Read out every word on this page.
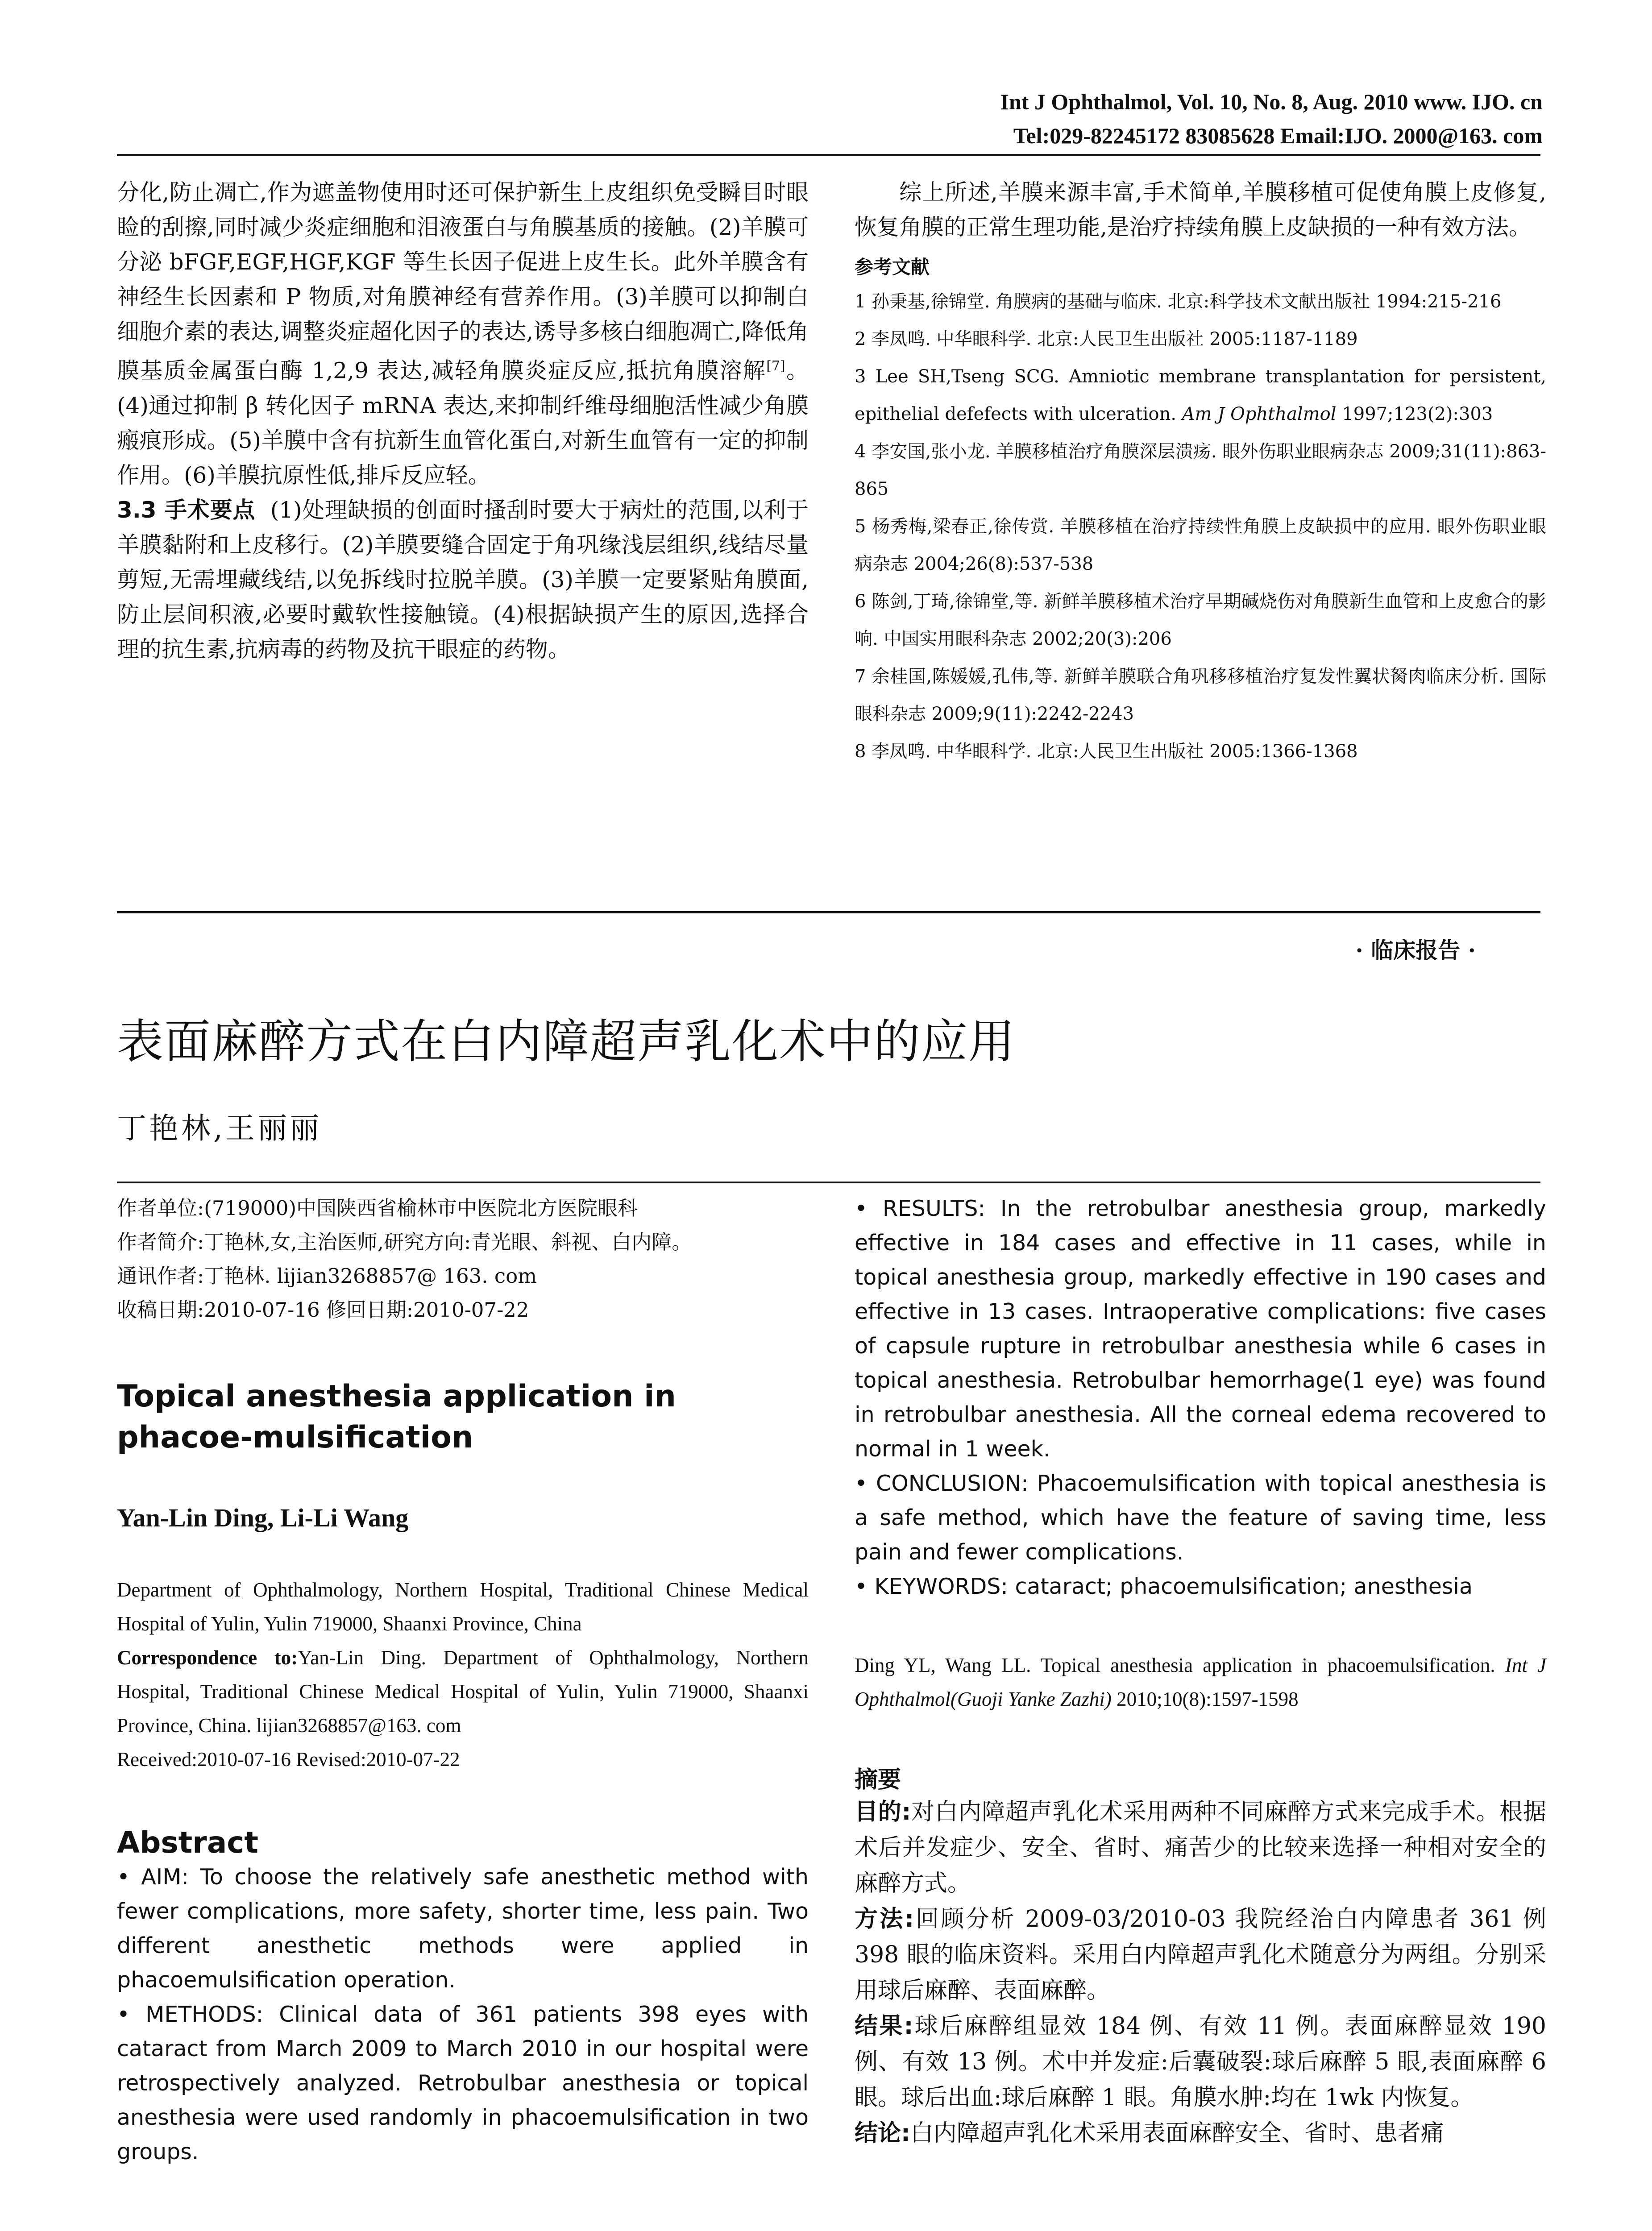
Int J Ophthalmol, Vol. 10, No. 8, Aug. 2010 www. IJO. cn
Tel:029-82245172 83085628 Email:IJO. 2000@163. com

分化,防止凋亡,作为遮盖物使用时还可保护新生上皮组织免受瞬目时眼睑的刮擦,同时减少炎症细胞和泪液蛋白与角膜基质的接触。(2)羊膜可分泌 bFGF,EGF,HGF,KGF 等生长因子促进上皮生长。此外羊膜含有神经生长因素和 P 物质,对角膜神经有营养作用。(3)羊膜可以抑制白细胞介素的表达,调整炎症超化因子的表达,诱导多核白细胞凋亡,降低角膜基质金属蛋白酶 1,2,9 表达,减轻角膜炎症反应,抵抗角膜溶解[7]。(4)通过抑制 β 转化因子 mRNA 表达,来抑制纤维母细胞活性减少角膜瘢痕形成。(5)羊膜中含有抗新生血管化蛋白,对新生血管有一定的抑制作用。(6)羊膜抗原性低,排斥反应轻。

3.3 手术要点 (1)处理缺损的创面时搔刮时要大于病灶的范围,以利于羊膜黏附和上皮移行。(2)羊膜要缝合固定于角巩缘浅层组织,线结尽量剪短,无需埋藏线结,以免拆线时拉脱羊膜。(3)羊膜一定要紧贴角膜面,防止层间积液,必要时戴软性接触镜。(4)根据缺损产生的原因,选择合理的抗生素,抗病毒的药物及抗干眼症的药物。

综上所述,羊膜来源丰富,手术简单,羊膜移植可促使角膜上皮修复,恢复角膜的正常生理功能,是治疗持续角膜上皮缺损的一种有效方法。

参考文献
1 孙秉基,徐锦堂. 角膜病的基础与临床. 北京:科学技术文献出版社 1994:215-216
2 李凤鸣. 中华眼科学. 北京:人民卫生出版社 2005:1187-1189
3 Lee SH,Tseng SCG. Amniotic membrane transplantation for persistent, epithelial defefects with ulceration. Am J Ophthalmol 1997;123(2):303
4 李安国,张小龙. 羊膜移植治疗角膜深层溃疡. 眼外伤职业眼病杂志 2009;31(11):863-865
5 杨秀梅,梁春正,徐传赏. 羊膜移植在治疗持续性角膜上皮缺损中的应用. 眼外伤职业眼病杂志 2004;26(8):537-538
6 陈剑,丁琦,徐锦堂,等. 新鲜羊膜移植术治疗早期碱烧伤对角膜新生血管和上皮愈合的影响. 中国实用眼科杂志 2002;20(3):206
7 余桂国,陈媛媛,孔伟,等. 新鲜羊膜联合角巩移移植治疗复发性翼状胬肉临床分析. 国际眼科杂志 2009;9(11):2242-2243
8 李凤鸣. 中华眼科学. 北京:人民卫生出版社 2005:1366-1368
· 临床报告 ·
表面麻醉方式在白内障超声乳化术中的应用
丁艳林,王丽丽

作者单位:(719000)中国陕西省榆林市中医院北方医院眼科

作者简介:丁艳林,女,主治医师,研究方向:青光眼、斜视、白内障。

通讯作者:丁艳林. lijian3268857@ 163. com

收稿日期:2010-07-16 修回日期:2010-07-22

Topical anesthesia application in phacoe-mulsification
Yan-Lin Ding, Li-Li Wang

Department of Ophthalmology, Northern Hospital, Traditional Chinese Medical Hospital of Yulin, Yulin 719000, Shaanxi Province, China

Correspondence to:Yan-Lin Ding. Department of Ophthalmology, Northern Hospital, Traditional Chinese Medical Hospital of Yulin, Yulin 719000, Shaanxi Province, China. lijian3268857@163. com

Received:2010-07-16 Revised:2010-07-22

Abstract

• AIM: To choose the relatively safe anesthetic method with fewer complications, more safety, shorter time, less pain. Two different anesthetic methods were applied in phacoemulsification operation.

• METHODS: Clinical data of 361 patients 398 eyes with cataract from March 2009 to March 2010 in our hospital were retrospectively analyzed. Retrobulbar anesthesia or topical anesthesia were used randomly in phacoemulsification in two groups.

• RESULTS: In the retrobulbar anesthesia group, markedly effective in 184 cases and effective in 11 cases, while in topical anesthesia group, markedly effective in 190 cases and effective in 13 cases. Intraoperative complications: five cases of capsule rupture in retrobulbar anesthesia while 6 cases in topical anesthesia. Retrobulbar hemorrhage(1 eye) was found in retrobulbar anesthesia. All the corneal edema recovered to normal in 1 week.

• CONCLUSION: Phacoemulsification with topical anesthesia is a safe method, which have the feature of saving time, less pain and fewer complications.

• KEYWORDS: cataract; phacoemulsification; anesthesia

Ding YL, Wang LL. Topical anesthesia application in phacoemulsification. Int J Ophthalmol(Guoji Yanke Zazhi) 2010;10(8):1597-1598
摘要

目的:对白内障超声乳化术采用两种不同麻醉方式来完成手术。根据术后并发症少、安全、省时、痛苦少的比较来选择一种相对安全的麻醉方式。

方法:回顾分析 2009-03/2010-03 我院经治白内障患者 361 例 398 眼的临床资料。采用白内障超声乳化术随意分为两组。分别采用球后麻醉、表面麻醉。

结果:球后麻醉组显效 184 例、有效 11 例。表面麻醉显效 190 例、有效 13 例。术中并发症:后囊破裂:球后麻醉 5 眼,表面麻醉 6 眼。球后出血:球后麻醉 1 眼。角膜水肿:均在 1wk 内恢复。

结论:白内障超声乳化术采用表面麻醉安全、省时、患者痛
